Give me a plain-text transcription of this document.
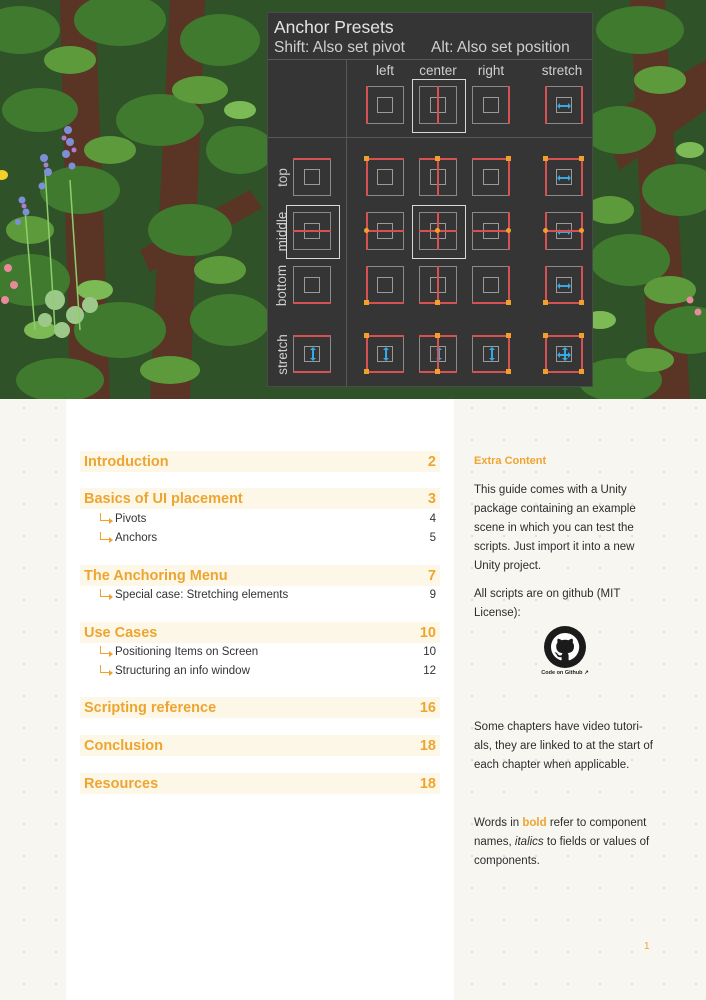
Anchor Presets
Shift: Also set pivot Alt: Also set position
left	center	right	stretch
top
middle
bottom
stretch
Introduction	2
Basics of UI placement	3
Pivots	4
Anchors	5
The Anchoring Menu	7
Special case: Stretching elements	9
Use Cases	10
Positioning Items on Screen	10
Structuring an info window	12
Scripting reference	16
Conclusion	18
Resources	18
Extra Content
This guide comes with a Unity package containing an example scene in which you can test the scripts. Just import it into a new Unity project.
All scripts are on github (MIT License):
Code on Github ↗
Some chapters have video tutori-als, they are linked to at the start of each chapter when applicable.
Words in bold refer to component names, italics to fields or values of components.
1
